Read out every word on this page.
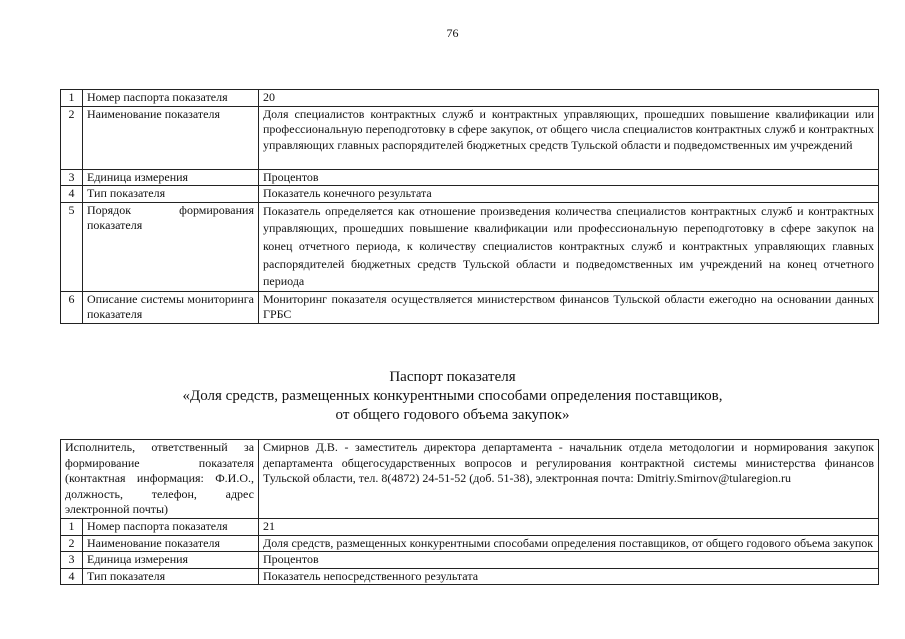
76
1	Номер паспорта показателя	20
2	Наименование показателя	Доля специалистов контрактных служб и контрактных управляющих, прошедших повышение квалификации или профессиональную переподготовку в сфере закупок, от общего числа специалистов контрактных служб и контрактных управляющих главных распорядителей бюджетных средств Тульской области и подведомственных им учреждений
3	Единица измерения	Процентов
4	Тип показателя	Показатель конечного результата
5	Порядок формирования показателя	Показатель определяется как отношение произведения количества специалистов контрактных служб и контрактных управляющих, прошедших повышение квалификации или профессиональную переподготовку в сфере закупок на конец отчетного периода, к количеству специалистов контрактных служб и контрактных управляющих главных распорядителей бюджетных средств Тульской области и подведомственных им учреждений на конец отчетного периода
6	Описание системы мониторинга показателя	Мониторинг показателя осуществляется министерством финансов Тульской области ежегодно на основании данных ГРБС
Паспорт показателя
«Доля средств, размещенных конкурентными способами определения поставщиков,
от общего годового объема закупок»
Исполнитель, ответственный за формирование показателя (контактная информация: Ф.И.О., должность, телефон, адрес электронной почты)		Смирнов Д.В. - заместитель директора департамента - начальник отдела методологии и нормирования закупок департамента общегосударственных вопросов и регулирования контрактной системы министерства финансов Тульской области, тел. 8(4872) 24-51-52 (доб. 51-38), электронная почта: Dmitriy.Smirnov@tularegion.ru
1	Номер паспорта показателя	21
2	Наименование показателя	Доля средств, размещенных конкурентными способами определения поставщиков, от общего годового объема закупок
3	Единица измерения	Процентов
4	Тип показателя	Показатель непосредственного результата
